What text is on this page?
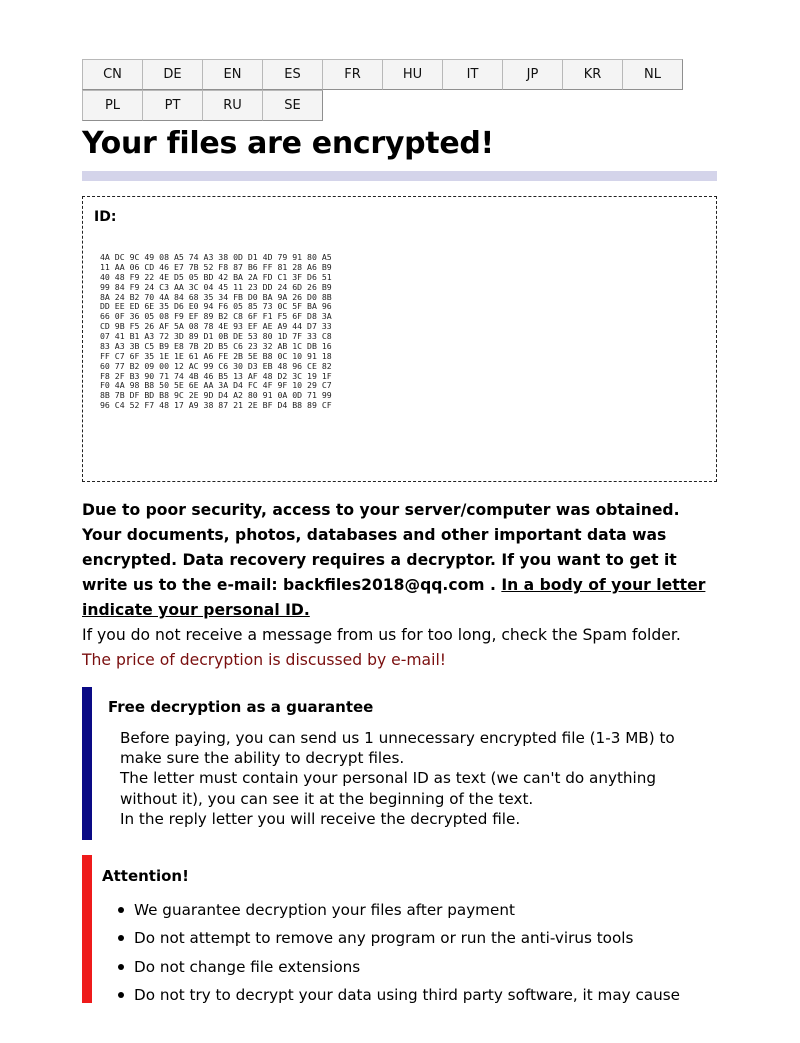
CN	DE	EN	ES	FR	HU	IT	JP	KR	NL
PL	PT	RU	SE
Your files are encrypted!
ID:
4A DC 9C 49 08 A5 74 A3 38 0D D1 4D 79 91 80 A5
11 AA 06 CD 46 E7 7B 52 F8 87 B6 FF 81 28 A6 B9
40 48 F9 22 4E D5 05 BD 42 BA 2A FD C1 3F D6 51
99 84 F9 24 C3 AA 3C 04 45 11 23 DD 24 6D 26 B9
8A 24 B2 70 4A 84 68 35 34 FB D0 BA 9A 26 D0 8B
DD EE ED 6E 35 D6 E0 94 F6 05 85 73 0C 5F BA 96
66 0F 36 05 08 F9 EF 89 B2 C8 6F F1 F5 6F D8 3A
CD 9B F5 26 AF 5A 08 78 4E 93 EF AE A9 44 D7 33
07 41 B1 A3 72 3D 89 D1 0B DE 53 80 1D 7F 33 C8
83 A3 3B C5 B9 E8 7B 2D B5 C6 23 32 AB 1C DB 16
FF C7 6F 35 1E 1E 61 A6 FE 2B 5E B8 0C 10 91 18
60 77 B2 09 00 12 AC 99 C6 30 D3 EB 48 96 CE 82
F8 2F B3 90 71 74 4B 46 B5 13 AF 48 D2 3C 19 1F
F0 4A 98 B8 50 5E 6E AA 3A D4 FC 4F 9F 10 29 C7
8B 7B DF BD B8 9C 2E 9D D4 A2 80 91 0A 0D 71 99
96 C4 52 F7 48 17 A9 38 87 21 2E BF D4 B8 89 CF

Due to poor security, access to your server/computer was obtained. Your documents, photos, databases and other important data was encrypted. Data recovery requires a decryptor. If you want to get it write us to the e-mail: backfiles2018@qq.com . In a body of your letter indicate your personal ID.

If you do not receive a message from us for too long, check the Spam folder.

The price of decryption is discussed by e-mail!

Free decryption as a guarantee
Before paying, you can send us 1 unnecessary encrypted file (1-3 MB) to make sure the ability to decrypt files.
The letter must contain your personal ID as text (we can't do anything without it), you can see it at the beginning of the text.
In the reply letter you will receive the decrypted file.
Attention!
We guarantee decryption your files after payment
Do not attempt to remove any program or run the anti-virus tools
Do not change file extensions
Do not try to decrypt your data using third party software, it may cause
